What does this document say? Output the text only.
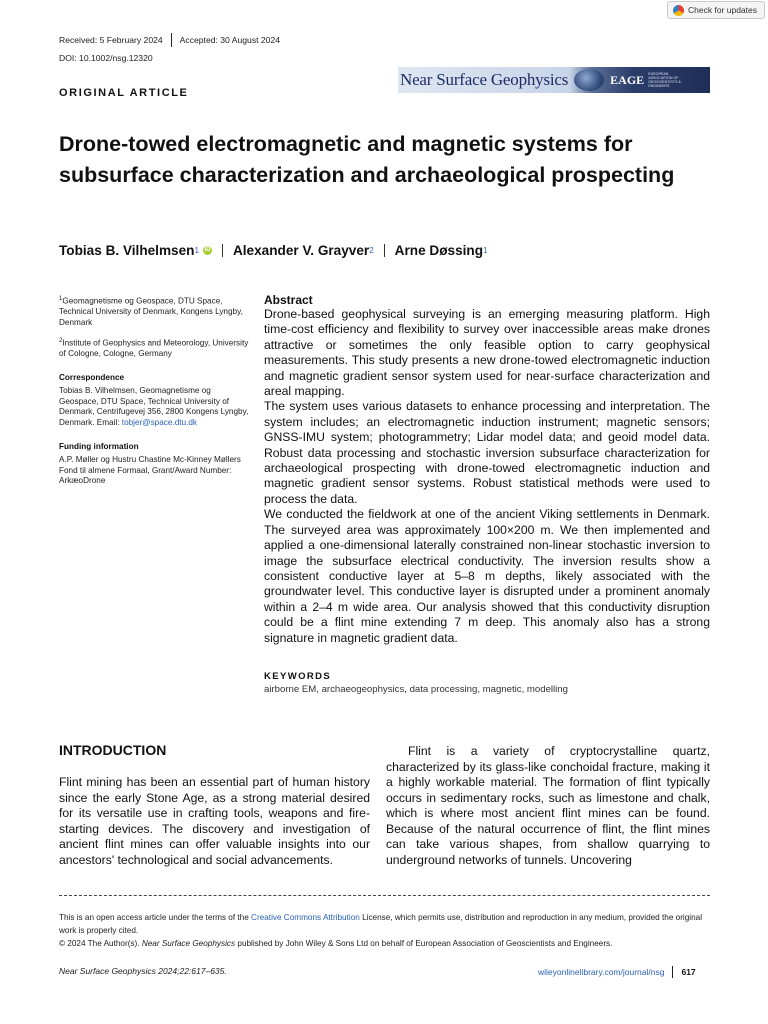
Check for updates
Received: 5 February 2024 Accepted: 30 August 2024
DOI: 10.1002/nsg.12320
ORIGINAL ARTICLE
Near Surface Geophysics	EAGE EUROPEAN ASSOCIATION OF GEOSCIENTISTS & ENGINEERS
Drone-towed electromagnetic and magnetic systems for subsurface characterization and archaeological prospecting
Tobias B. Vilhelmsen 1 iD Alexander V. Grayver 2 Arne Døssing 1
$^1$Geomagnetisme og Geospace, DTU Space, Technical University of Denmark, Kongens Lyngby, Denmark
$^2$Institute of Geophysics and Meteorology, University of Cologne, Cologne, Germany
Correspondence
Tobias B. Vilhelmsen, Geomagnetisme og Geospace, DTU Space, Technical University of Denmark, Centrifugevej 356, 2800 Kongens Lyngby, Denmark. Email: tobjer@space.dtu.dk
Funding information
A.P. Møller og Hustru Chastine Mc-Kinney Møllers Fond til almene Formaal, Grant/Award Number: ArkæoDrone
Abstract
Drone-based geophysical surveying is an emerging measuring platform. High time-cost efficiency and flexibility to survey over inaccessible areas make drones attractive or sometimes the only feasible option to carry geophysical measurements. This study presents a new drone-towed electromagnetic induction and magnetic gradient sensor system used for near-surface characterization and areal mapping.
The system uses various datasets to enhance processing and interpretation. The system includes; an electromagnetic induction instrument; magnetic sensors; GNSS-IMU system; photogrammetry; Lidar model data; and geoid model data. Robust data processing and stochastic inversion subsurface characterization for archaeological prospecting with drone-towed electromagnetic induction and magnetic gradient sensor systems. Robust statistical methods were used to process the data.
We conducted the fieldwork at one of the ancient Viking settlements in Denmark. The surveyed area was approximately 100×200 m. We then implemented and applied a one-dimensional laterally constrained non-linear stochastic inversion to image the subsurface electrical conductivity. The inversion results show a consistent conductive layer at 5–8 m depths, likely associated with the groundwater level. This conductive layer is disrupted under a prominent anomaly within a 2–4 m wide area. Our analysis showed that this conductivity disruption could be a flint mine extending 7 m deep. This anomaly also has a strong signature in magnetic gradient data.
KEYWORDS
airborne EM, archaeogeophysics, data processing, magnetic, modelling
INTRODUCTION
Flint mining has been an essential part of human history since the early Stone Age, as a strong material desired for its versatile use in crafting tools, weapons and fire-starting devices. The discovery and investigation of ancient flint mines can offer valuable insights into our ancestors' technological and social advancements.
Flint is a variety of cryptocrystalline quartz, characterized by its glass-like conchoidal fracture, making it a highly workable material. The formation of flint typically occurs in sedimentary rocks, such as limestone and chalk, which is where most ancient flint mines can be found. Because of the natural occurrence of flint, the flint mines can take various shapes, from shallow quarrying to underground networks of tunnels. Uncovering
This is an open access article under the terms of the Creative Commons Attribution License, which permits use, distribution and reproduction in any medium, provided the original work is properly cited.
© 2024 The Author(s). Near Surface Geophysics published by John Wiley & Sons Ltd on behalf of European Association of Geoscientists and Engineers.
Near Surface Geophysics 2024;22:617–635.	wileyonlinelibrary.com/journal/nsg 617
